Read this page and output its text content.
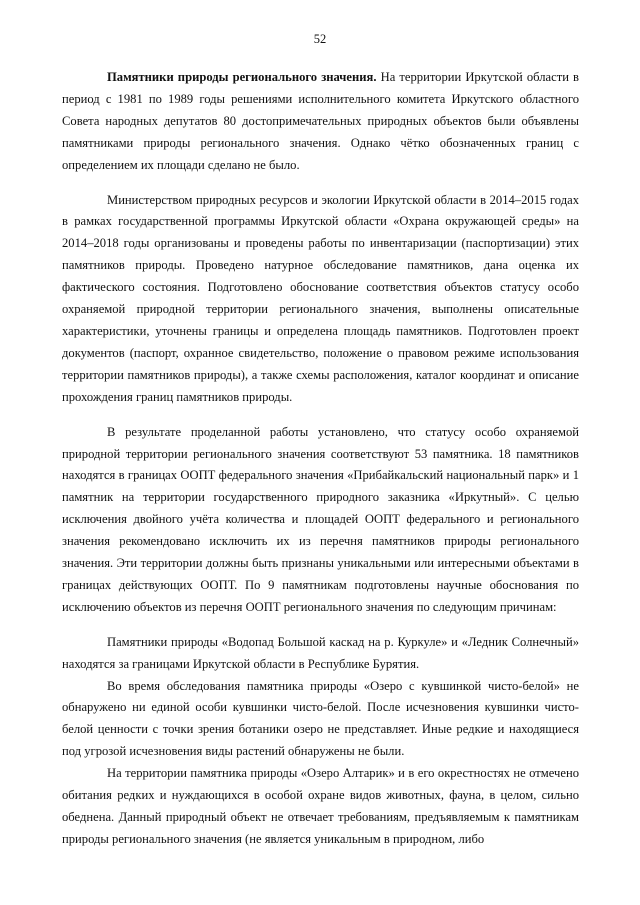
52

Памятники природы регионального значения. На территории Иркутской области в период с 1981 по 1989 годы решениями исполнительного комитета Иркутского областного Совета народных депутатов 80 достопримечательных природных объектов были объявлены памятниками природы регионального значения. Однако чётко обозначенных границ с определением их площади сделано не было.

Министерством природных ресурсов и экологии Иркутской области в 2014–2015 годах в рамках государственной программы Иркутской области «Охрана окружающей среды» на 2014–2018 годы организованы и проведены работы по инвентаризации (паспортизации) этих памятников природы. Проведено натурное обследование памятников, дана оценка их фактического состояния. Подготовлено обоснование соответствия объектов статусу особо охраняемой природной территории регионального значения, выполнены описательные характеристики, уточнены границы и определена площадь памятников. Подготовлен проект документов (паспорт, охранное свидетельство, положение о правовом режиме использования территории памятников природы), а также схемы расположения, каталог координат и описание прохождения границ памятников природы.

В результате проделанной работы установлено, что статусу особо охраняемой природной территории регионального значения соответствуют 53 памятника. 18 памятников находятся в границах ООПТ федерального значения «Прибайкальский национальный парк» и 1 памятник на территории государственного природного заказника «Иркутный». С целью исключения двойного учёта количества и площадей ООПТ федерального и регионального значения рекомендовано исключить их из перечня памятников природы регионального значения. Эти территории должны быть признаны уникальными или интересными объектами в границах действующих ООПТ. По 9 памятникам подготовлены научные обоснования по исключению объектов из перечня ООПТ регионального значения по следующим причинам:

Памятники природы «Водопад Большой каскад на р. Куркуле» и «Ледник Солнечный» находятся за границами Иркутской области в Республике Бурятия.

Во время обследования памятника природы «Озеро с кувшинкой чисто-белой» не обнаружено ни единой особи кувшинки чисто-белой. После исчезновения кувшинки чисто-белой ценности с точки зрения ботаники озеро не представляет. Иные редкие и находящиеся под угрозой исчезновения виды растений обнаружены не были.

На территории памятника природы «Озеро Алтарик» и в его окрестностях не отмечено обитания редких и нуждающихся в особой охране видов животных, фауна, в целом, сильно обеднена. Данный природный объект не отвечает требованиям, предъявляемым к памятникам природы регионального значения (не является уникальным в природном, либо
